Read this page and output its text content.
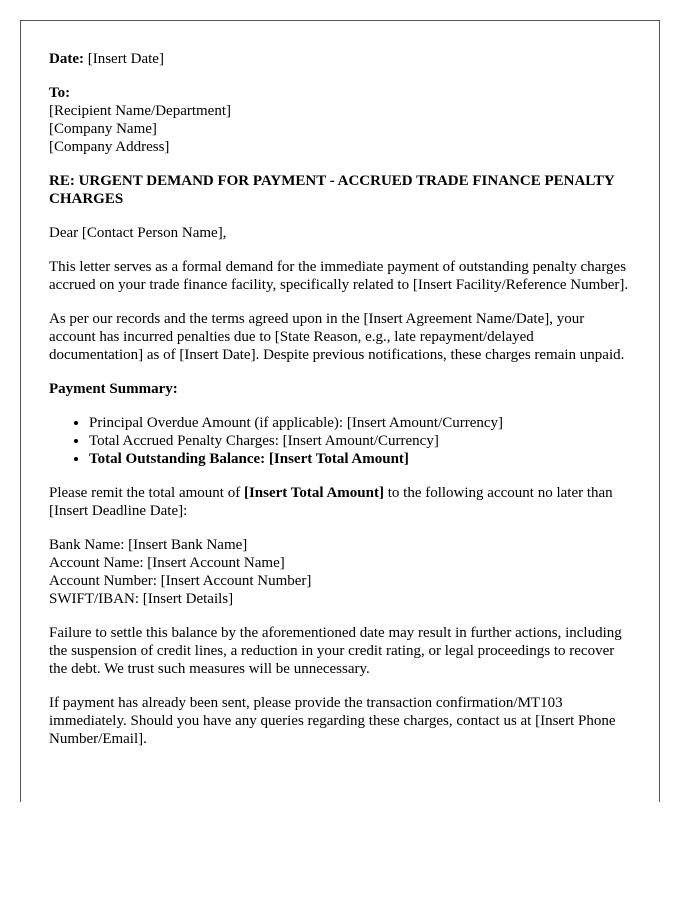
Date: [Insert Date]

To:
[Recipient Name/Department]
[Company Name]
[Company Address]

RE: URGENT DEMAND FOR PAYMENT - ACCRUED TRADE FINANCE PENALTY CHARGES

Dear [Contact Person Name],

This letter serves as a formal demand for the immediate payment of outstanding penalty charges accrued on your trade finance facility, specifically related to [Insert Facility/Reference Number].

As per our records and the terms agreed upon in the [Insert Agreement Name/Date], your account has incurred penalties due to [State Reason, e.g., late repayment/delayed documentation] as of [Insert Date]. Despite previous notifications, these charges remain unpaid.

Payment Summary:

• Principal Overdue Amount (if applicable): [Insert Amount/Currency]
• Total Accrued Penalty Charges: [Insert Amount/Currency]
• Total Outstanding Balance: [Insert Total Amount]

Please remit the total amount of [Insert Total Amount] to the following account no later than [Insert Deadline Date]:

Bank Name: [Insert Bank Name]
Account Name: [Insert Account Name]
Account Number: [Insert Account Number]
SWIFT/IBAN: [Insert Details]

Failure to settle this balance by the aforementioned date may result in further actions, including the suspension of credit lines, a reduction in your credit rating, or legal proceedings to recover the debt. We trust such measures will be unnecessary.

If payment has already been sent, please provide the transaction confirmation/MT103 immediately. Should you have any queries regarding these charges, contact us at [Insert Phone Number/Email].
